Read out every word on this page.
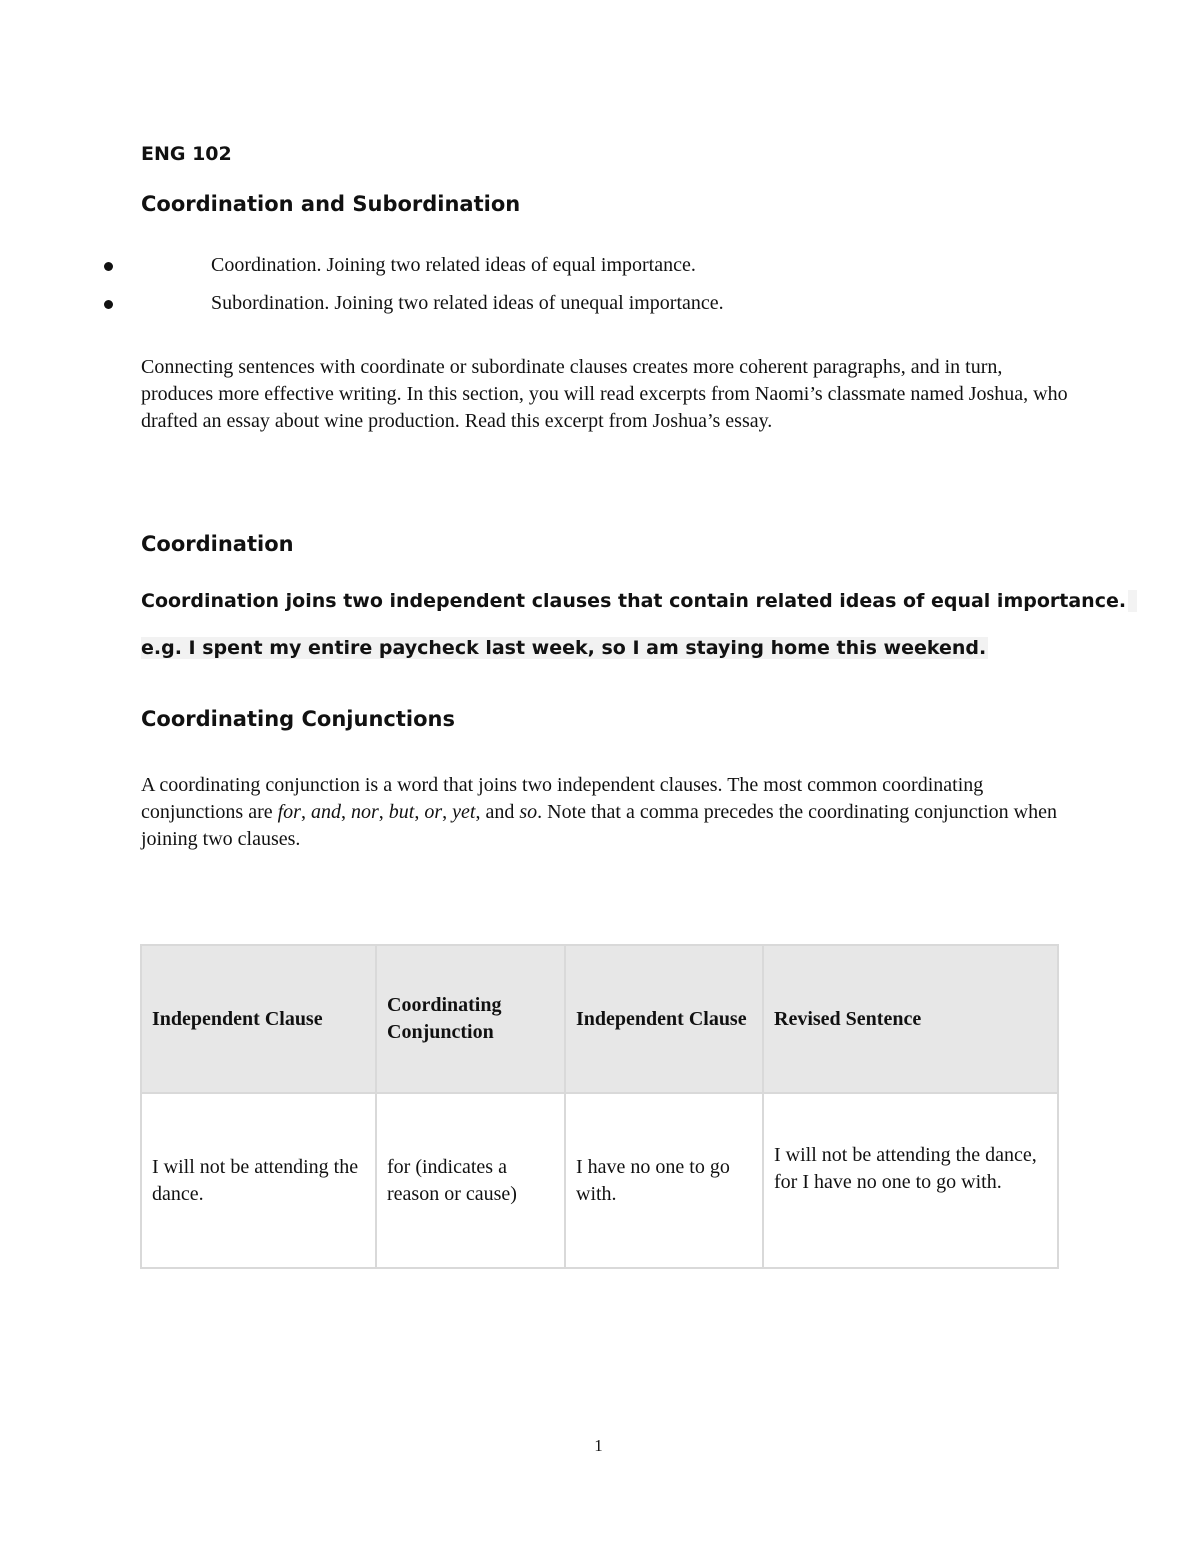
ENG 102
Coordination and Subordination
Coordination. Joining two related ideas of equal importance.
Subordination. Joining two related ideas of unequal importance.

Connecting sentences with coordinate or subordinate clauses creates more coherent paragraphs, and in turn, produces more effective writing. In this section, you will read excerpts from Naomi’s classmate named Joshua, who drafted an essay about wine production. Read this excerpt from Joshua’s essay.

Coordination
Coordination joins two independent clauses that contain related ideas of equal importance.
e.g. I spent my entire paycheck last week, so I am staying home this weekend.
Coordinating Conjunctions

A coordinating conjunction is a word that joins two independent clauses. The most common coordinating conjunctions are for, and, nor, but, or, yet, and so. Note that a comma precedes the coordinating conjunction when joining two clauses.

Independent Clause	Coordinating Conjunction	Independent Clause	Revised Sentence
I will not be attending the dance.	for (indicates a reason or cause)	I have no one to go with.	I will not be attending the dance, for I have no one to go with.
1
